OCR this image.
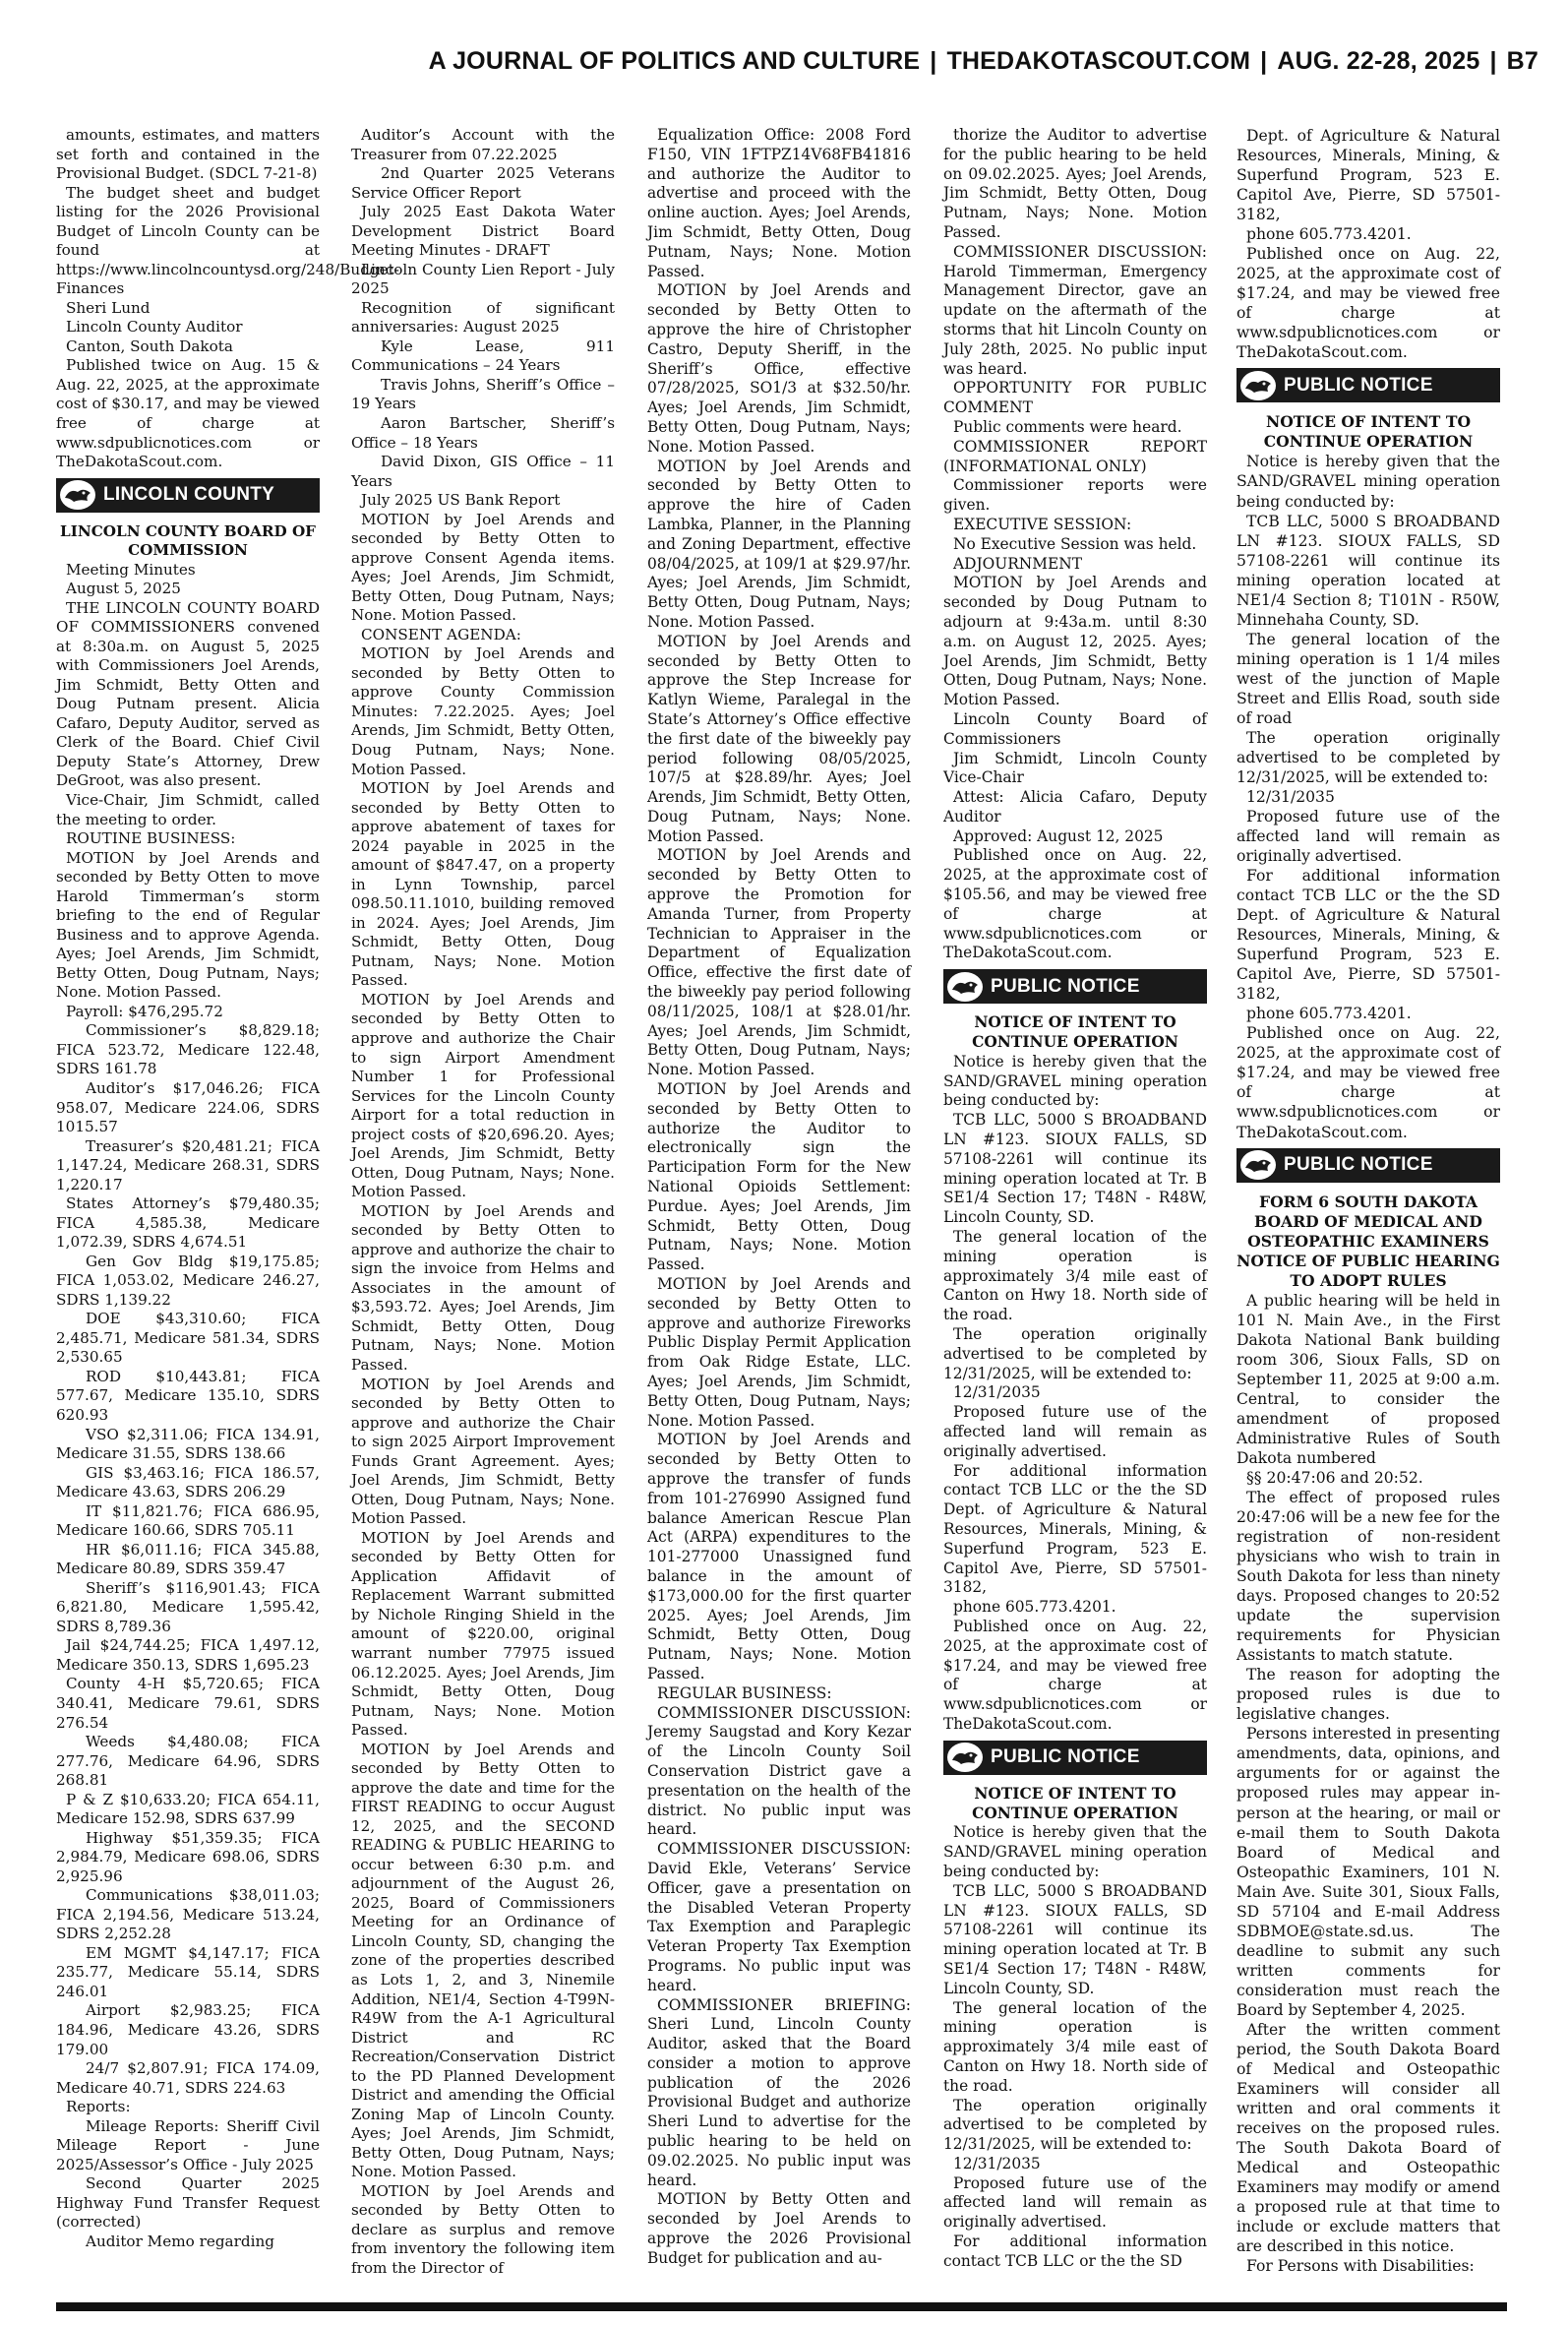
A JOURNAL OF POLITICS AND CULTURE | THEDAKOTASCOUT.COM | AUG. 22-28, 2025 | B7

amounts, estimates, and matters set forth and contained in the Provisional Budget. (SDCL 7-21-8)

The budget sheet and budget listing for the 2026 Provisional Budget of Lincoln County can be found at https://www.lincolncountysd.org/248/Budget-Finances

Sheri Lund

Lincoln County Auditor

Canton, South Dakota

Published twice on Aug. 15 & Aug. 22, 2025, at the approximate cost of $30.17, and may be viewed free of charge at www.sdpublicnotices.com or TheDakotaScout.com.

LINCOLN COUNTY

LINCOLN COUNTY BOARD OF COMMISSION

Meeting Minutes

August 5, 2025

THE LINCOLN COUNTY BOARD OF COMMISSIONERS convened at 8:30a.m. on August 5, 2025 with Commissioners Joel Arends, Jim Schmidt, Betty Otten and Doug Putnam present. Alicia Cafaro, Deputy Auditor, served as Clerk of the Board. Chief Civil Deputy State’s Attorney, Drew DeGroot, was also present.

Vice-Chair, Jim Schmidt, called the meeting to order.

ROUTINE BUSINESS:

MOTION by Joel Arends and seconded by Betty Otten to move Harold Timmerman’s storm briefing to the end of Regular Business and to approve Agenda. Ayes; Joel Arends, Jim Schmidt, Betty Otten, Doug Putnam, Nays; None. Motion Passed.

Payroll: $476,295.72

Commissioner’s $8,829.18; FICA 523.72, Medicare 122.48, SDRS 161.78

Auditor’s $17,046.26; FICA 958.07, Medicare 224.06, SDRS 1015.57

Treasurer’s $20,481.21; FICA 1,147.24, Medicare 268.31, SDRS 1,220.17

States Attorney’s $79,480.35; FICA 4,585.38, Medicare 1,072.39, SDRS 4,674.51

Gen Gov Bldg $19,175.85; FICA 1,053.02, Medicare 246.27, SDRS 1,139.22

DOE $43,310.60; FICA 2,485.71, Medicare 581.34, SDRS 2,530.65

ROD $10,443.81; FICA 577.67, Medicare 135.10, SDRS 620.93

VSO $2,311.06; FICA 134.91, Medicare 31.55, SDRS 138.66

GIS $3,463.16; FICA 186.57, Medicare 43.63, SDRS 206.29

IT $11,821.76; FICA 686.95, Medicare 160.66, SDRS 705.11

HR $6,011.16; FICA 345.88, Medicare 80.89, SDRS 359.47

Sheriff’s $116,901.43; FICA 6,821.80, Medicare 1,595.42, SDRS 8,789.36

Jail $24,744.25; FICA 1,497.12, Medicare 350.13, SDRS 1,695.23

County 4-H $5,720.65; FICA 340.41, Medicare 79.61, SDRS 276.54

Weeds $4,480.08; FICA 277.76, Medicare 64.96, SDRS 268.81

P & Z $10,633.20; FICA 654.11, Medicare 152.98, SDRS 637.99

Highway $51,359.35; FICA 2,984.79, Medicare 698.06, SDRS 2,925.96

Communications $38,011.03; FICA 2,194.56, Medicare 513.24, SDRS 2,252.28

EM MGMT $4,147.17; FICA 235.77, Medicare 55.14, SDRS 246.01

Airport $2,983.25; FICA 184.96, Medicare 43.26, SDRS 179.00

24/7 $2,807.91; FICA 174.09, Medicare 40.71, SDRS 224.63

Reports:

Mileage Reports: Sheriff Civil Mileage Report - June 2025/Assessor’s Office - July 2025

Second Quarter 2025 Highway Fund Transfer Request (corrected)

Auditor Memo regarding

Auditor’s Account with the Treasurer from 07.22.2025

2nd Quarter 2025 Veterans Service Officer Report

July 2025 East Dakota Water Development District Board Meeting Minutes - DRAFT

Lincoln County Lien Report - July 2025

Recognition of significant anniversaries: August 2025

Kyle Lease, 911 Communications – 24 Years

Travis Johns, Sheriff’s Office – 19 Years

Aaron Bartscher, Sheriff’s Office – 18 Years

David Dixon, GIS Office – 11 Years

July 2025 US Bank Report

MOTION by Joel Arends and seconded by Betty Otten to approve Consent Agenda items. Ayes; Joel Arends, Jim Schmidt, Betty Otten, Doug Putnam, Nays; None. Motion Passed.

CONSENT AGENDA:

MOTION by Joel Arends and seconded by Betty Otten to approve County Commission Minutes: 7.22.2025. Ayes; Joel Arends, Jim Schmidt, Betty Otten, Doug Putnam, Nays; None. Motion Passed.

MOTION by Joel Arends and seconded by Betty Otten to approve abatement of taxes for 2024 payable in 2025 in the amount of $847.47, on a property in Lynn Township, parcel 098.50.11.1010, building removed in 2024. Ayes; Joel Arends, Jim Schmidt, Betty Otten, Doug Putnam, Nays; None. Motion Passed.

MOTION by Joel Arends and seconded by Betty Otten to approve and authorize the Chair to sign Airport Amendment Number 1 for Professional Services for the Lincoln County Airport for a total reduction in project costs of $20,696.20. Ayes; Joel Arends, Jim Schmidt, Betty Otten, Doug Putnam, Nays; None. Motion Passed.

MOTION by Joel Arends and seconded by Betty Otten to approve and authorize the chair to sign the invoice from Helms and Associates in the amount of $3,593.72. Ayes; Joel Arends, Jim Schmidt, Betty Otten, Doug Putnam, Nays; None. Motion Passed.

MOTION by Joel Arends and seconded by Betty Otten to approve and authorize the Chair to sign 2025 Airport Improvement Funds Grant Agreement. Ayes; Joel Arends, Jim Schmidt, Betty Otten, Doug Putnam, Nays; None. Motion Passed.

MOTION by Joel Arends and seconded by Betty Otten for Application Affidavit of Replacement Warrant submitted by Nichole Ringing Shield in the amount of $220.00, original warrant number 77975 issued 06.12.2025. Ayes; Joel Arends, Jim Schmidt, Betty Otten, Doug Putnam, Nays; None. Motion Passed.

MOTION by Joel Arends and seconded by Betty Otten to approve the date and time for the FIRST READING to occur August 12, 2025, and the SECOND READING & PUBLIC HEARING to occur between 6:30 p.m. and adjournment of the August 26, 2025, Board of Commissioners Meeting for an Ordinance of Lincoln County, SD, changing the zone of the properties described as Lots 1, 2, and 3, Ninemile Addition, NE1/4, Section 4-T99N-R49W from the A-1 Agricultural District and RC Recreation/Conservation District to the PD Planned Development District and amending the Official Zoning Map of Lincoln County. Ayes; Joel Arends, Jim Schmidt, Betty Otten, Doug Putnam, Nays; None. Motion Passed.

MOTION by Joel Arends and seconded by Betty Otten to declare as surplus and remove from inventory the following item from the Director of

Equalization Office: 2008 Ford F150, VIN 1FTPZ14V68FB41816 and authorize the Auditor to advertise and proceed with the online auction. Ayes; Joel Arends, Jim Schmidt, Betty Otten, Doug Putnam, Nays; None. Motion Passed.

MOTION by Joel Arends and seconded by Betty Otten to approve the hire of Christopher Castro, Deputy Sheriff, in the Sheriff’s Office, effective 07/28/2025, SO1/3 at $32.50/hr. Ayes; Joel Arends, Jim Schmidt, Betty Otten, Doug Putnam, Nays; None. Motion Passed.

MOTION by Joel Arends and seconded by Betty Otten to approve the hire of Caden Lambka, Planner, in the Planning and Zoning Department, effective 08/04/2025, at 109/1 at $29.97/hr. Ayes; Joel Arends, Jim Schmidt, Betty Otten, Doug Putnam, Nays; None. Motion Passed.

MOTION by Joel Arends and seconded by Betty Otten to approve the Step Increase for Katlyn Wieme, Paralegal in the State’s Attorney’s Office effective the first date of the biweekly pay period following 08/05/2025, 107/5 at $28.89/hr. Ayes; Joel Arends, Jim Schmidt, Betty Otten, Doug Putnam, Nays; None. Motion Passed.

MOTION by Joel Arends and seconded by Betty Otten to approve the Promotion for Amanda Turner, from Property Technician to Appraiser in the Department of Equalization Office, effective the first date of the biweekly pay period following 08/11/2025, 108/1 at $28.01/hr. Ayes; Joel Arends, Jim Schmidt, Betty Otten, Doug Putnam, Nays; None. Motion Passed.

MOTION by Joel Arends and seconded by Betty Otten to authorize the Auditor to electronically sign the Participation Form for the New National Opioids Settlement: Purdue. Ayes; Joel Arends, Jim Schmidt, Betty Otten, Doug Putnam, Nays; None. Motion Passed.

MOTION by Joel Arends and seconded by Betty Otten to approve and authorize Fireworks Public Display Permit Application from Oak Ridge Estate, LLC. Ayes; Joel Arends, Jim Schmidt, Betty Otten, Doug Putnam, Nays; None. Motion Passed.

MOTION by Joel Arends and seconded by Betty Otten to approve the transfer of funds from 101-276990 Assigned fund balance American Rescue Plan Act (ARPA) expenditures to the 101-277000 Unassigned fund balance in the amount of $173,000.00 for the first quarter 2025. Ayes; Joel Arends, Jim Schmidt, Betty Otten, Doug Putnam, Nays; None. Motion Passed.

REGULAR BUSINESS:

COMMISSIONER DISCUSSION: Jeremy Saugstad and Kory Kezar of the Lincoln County Soil Conservation District gave a presentation on the health of the district. No public input was heard.

COMMISSIONER DISCUSSION: David Ekle, Veterans’ Service Officer, gave a presentation on the Disabled Veteran Property Tax Exemption and Paraplegic Veteran Property Tax Exemption Programs. No public input was heard.

COMMISSIONER BRIEFING: Sheri Lund, Lincoln County Auditor, asked that the Board consider a motion to approve publication of the 2026 Provisional Budget and authorize Sheri Lund to advertise for the public hearing to be held on 09.02.2025. No public input was heard.

MOTION by Betty Otten and seconded by Joel Arends to approve the 2026 Provisional Budget for publication and au-

thorize the Auditor to advertise for the public hearing to be held on 09.02.2025. Ayes; Joel Arends, Jim Schmidt, Betty Otten, Doug Putnam, Nays; None. Motion Passed.

COMMISSIONER DISCUSSION: Harold Timmerman, Emergency Management Director, gave an update on the aftermath of the storms that hit Lincoln County on July 28th, 2025. No public input was heard.

OPPORTUNITY FOR PUBLIC COMMENT

Public comments were heard.

COMMISSIONER REPORT (INFORMATIONAL ONLY)

Commissioner reports were given.

EXECUTIVE SESSION:

No Executive Session was held.

ADJOURNMENT

MOTION by Joel Arends and seconded by Doug Putnam to adjourn at 9:43a.m. until 8:30 a.m. on August 12, 2025. Ayes; Joel Arends, Jim Schmidt, Betty Otten, Doug Putnam, Nays; None. Motion Passed.

Lincoln County Board of Commissioners

Jim Schmidt, Lincoln County Vice-Chair

Attest: Alicia Cafaro, Deputy Auditor

Approved: August 12, 2025

Published once on Aug. 22, 2025, at the approximate cost of $105.56, and may be viewed free of charge at www.sdpublicnotices.com or TheDakotaScout.com.

PUBLIC NOTICE

NOTICE OF INTENT TO CONTINUE OPERATION

Notice is hereby given that the SAND/GRAVEL mining operation being conducted by:

TCB LLC, 5000 S BROADBAND LN #123. SIOUX FALLS, SD 57108-2261 will continue its mining operation located at Tr. B SE1/4 Section 17; T48N - R48W, Lincoln County, SD.

The general location of the mining operation is approximately 3/4 mile east of Canton on Hwy 18. North side of the road.

The operation originally advertised to be completed by 12/31/2025, will be extended to:

12/31/2035

Proposed future use of the affected land will remain as originally advertised.

For additional information contact TCB LLC or the the SD Dept. of Agriculture & Natural Resources, Minerals, Mining, & Superfund Program, 523 E. Capitol Ave, Pierre, SD 57501-3182,

phone 605.773.4201.

Published once on Aug. 22, 2025, at the approximate cost of $17.24, and may be viewed free of charge at www.sdpublicnotices.com or TheDakotaScout.com.

PUBLIC NOTICE

NOTICE OF INTENT TO CONTINUE OPERATION

Notice is hereby given that the SAND/GRAVEL mining operation being conducted by:

TCB LLC, 5000 S BROADBAND LN #123. SIOUX FALLS, SD 57108-2261 will continue its mining operation located at Tr. B SE1/4 Section 17; T48N - R48W, Lincoln County, SD.

The general location of the mining operation is approximately 3/4 mile east of Canton on Hwy 18. North side of the road.

The operation originally advertised to be completed by 12/31/2025, will be extended to:

12/31/2035

Proposed future use of the affected land will remain as originally advertised.

For additional information contact TCB LLC or the the SD

Dept. of Agriculture & Natural Resources, Minerals, Mining, & Superfund Program, 523 E. Capitol Ave, Pierre, SD 57501-3182,

phone 605.773.4201.

Published once on Aug. 22, 2025, at the approximate cost of $17.24, and may be viewed free of charge at www.sdpublicnotices.com or TheDakotaScout.com.

PUBLIC NOTICE

NOTICE OF INTENT TO CONTINUE OPERATION

Notice is hereby given that the SAND/GRAVEL mining operation being conducted by:

TCB LLC, 5000 S BROADBAND LN #123. SIOUX FALLS, SD 57108-2261 will continue its mining operation located at NE1/4 Section 8; T101N - R50W, Minnehaha County, SD.

The general location of the mining operation is 1 1/4 miles west of the junction of Maple Street and Ellis Road, south side of road

The operation originally advertised to be completed by 12/31/2025, will be extended to:

12/31/2035

Proposed future use of the affected land will remain as originally advertised.

For additional information contact TCB LLC or the the SD Dept. of Agriculture & Natural Resources, Minerals, Mining, & Superfund Program, 523 E. Capitol Ave, Pierre, SD 57501-3182,

phone 605.773.4201.

Published once on Aug. 22, 2025, at the approximate cost of $17.24, and may be viewed free of charge at www.sdpublicnotices.com or TheDakotaScout.com.

PUBLIC NOTICE

FORM 6 SOUTH DAKOTA BOARD OF MEDICAL AND OSTEOPATHIC EXAMINERS NOTICE OF PUBLIC HEARING TO ADOPT RULES

A public hearing will be held in 101 N. Main Ave., in the First Dakota National Bank building room 306, Sioux Falls, SD on September 11, 2025 at 9:00 a.m. Central, to consider the amendment of proposed Administrative Rules of South Dakota numbered

§§ 20:47:06 and 20:52.

The effect of proposed rules 20:47:06 will be a new fee for the registration of non-resident physicians who wish to train in South Dakota for less than ninety days. Proposed changes to 20:52 update the supervision requirements for Physician Assistants to match statute.

The reason for adopting the proposed rules is due to legislative changes.

Persons interested in presenting amendments, data, opinions, and arguments for or against the proposed rules may appear in-person at the hearing, or mail or e-mail them to South Dakota Board of Medical and Osteopathic Examiners, 101 N. Main Ave. Suite 301, Sioux Falls, SD 57104 and E-mail Address SDBMOE@state.sd.us. The deadline to submit any such written comments for consideration must reach the Board by September 4, 2025.

After the written comment period, the South Dakota Board of Medical and Osteopathic Examiners will consider all written and oral comments it receives on the proposed rules. The South Dakota Board of Medical and Osteopathic Examiners may modify or amend a proposed rule at that time to include or exclude matters that are described in this notice.

For Persons with Disabilities:
